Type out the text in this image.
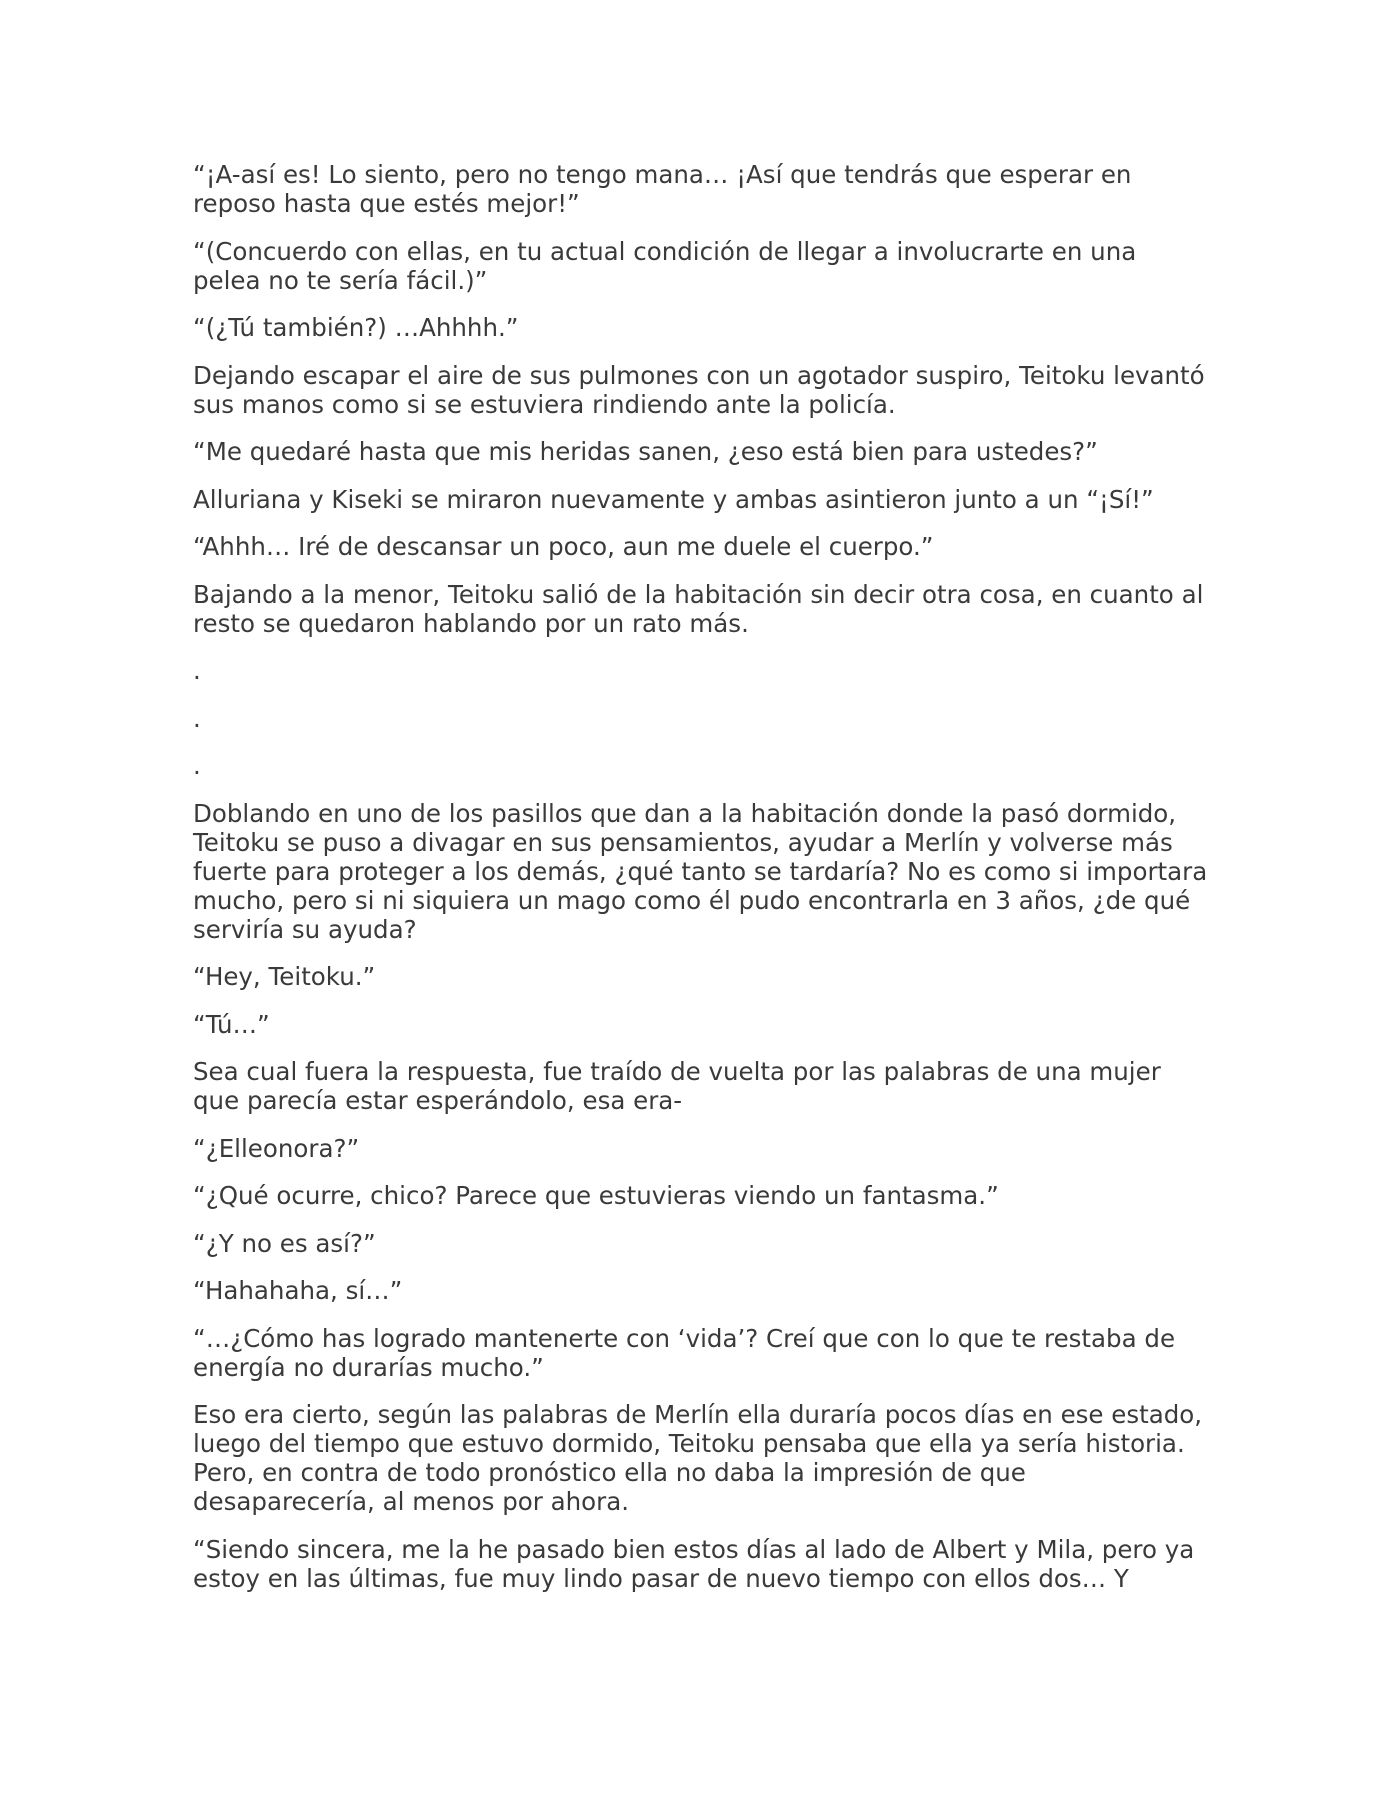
“¡A-así es! Lo siento, pero no tengo mana… ¡Así que tendrás que esperar en reposo hasta que estés mejor!”

“(Concuerdo con ellas, en tu actual condición de llegar a involucrarte en una pelea no te sería fácil.)”

“(¿Tú también?) …Ahhhh.”

Dejando escapar el aire de sus pulmones con un agotador suspiro, Teitoku levantó sus manos como si se estuviera rindiendo ante la policía.

“Me quedaré hasta que mis heridas sanen, ¿eso está bien para ustedes?”

Alluriana y Kiseki se miraron nuevamente y ambas asintieron junto a un “¡Sí!”

“Ahhh… Iré de descansar un poco, aun me duele el cuerpo.”

Bajando a la menor, Teitoku salió de la habitación sin decir otra cosa, en cuanto al resto se quedaron hablando por un rato más.

.

.

.

Doblando en uno de los pasillos que dan a la habitación donde la pasó dormido, Teitoku se puso a divagar en sus pensamientos, ayudar a Merlín y volverse más fuerte para proteger a los demás, ¿qué tanto se tardaría? No es como si importara mucho, pero si ni siquiera un mago como él pudo encontrarla en 3 años, ¿de qué serviría su ayuda?

“Hey, Teitoku.”

“Tú…”

Sea cual fuera la respuesta, fue traído de vuelta por las palabras de una mujer que parecía estar esperándolo, esa era-

“¿Elleonora?”

“¿Qué ocurre, chico? Parece que estuvieras viendo un fantasma.”

“¿Y no es así?”

“Hahahaha, sí…”

“…¿Cómo has logrado mantenerte con ‘vida’? Creí que con lo que te restaba de energía no durarías mucho.”

Eso era cierto, según las palabras de Merlín ella duraría pocos días en ese estado, luego del tiempo que estuvo dormido, Teitoku pensaba que ella ya sería historia. Pero, en contra de todo pronóstico ella no daba la impresión de que desaparecería, al menos por ahora.

“Siendo sincera, me la he pasado bien estos días al lado de Albert y Mila, pero ya estoy en las últimas, fue muy lindo pasar de nuevo tiempo con ellos dos… Y
